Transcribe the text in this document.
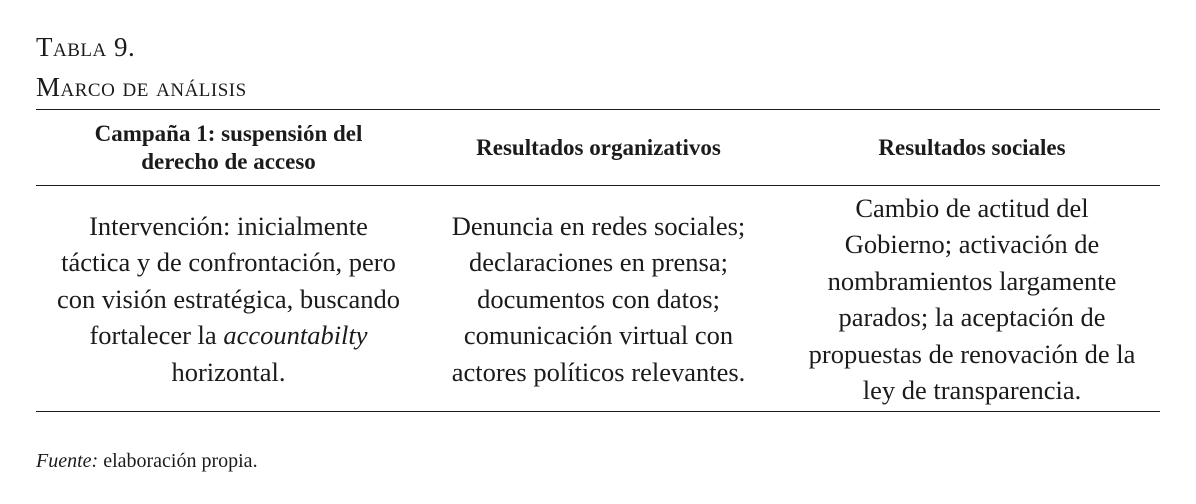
Tabla 9.
Marco de análisis
Campaña 1: suspensión del derecho de acceso
Resultados organizativos	Resultados sociales
Intervención: inicialmente táctica y de confrontación, pero con visión estratégica, buscando fortalecer la accountabilty horizontal.
Denuncia en redes sociales; declaraciones en prensa; documentos con datos; comunicación virtual con actores políticos relevantes.
Cambio de actitud del Gobierno; activación de nombramientos largamente parados; la aceptación de propuestas de renovación de la ley de transparencia.
Fuente: elaboración propia.
